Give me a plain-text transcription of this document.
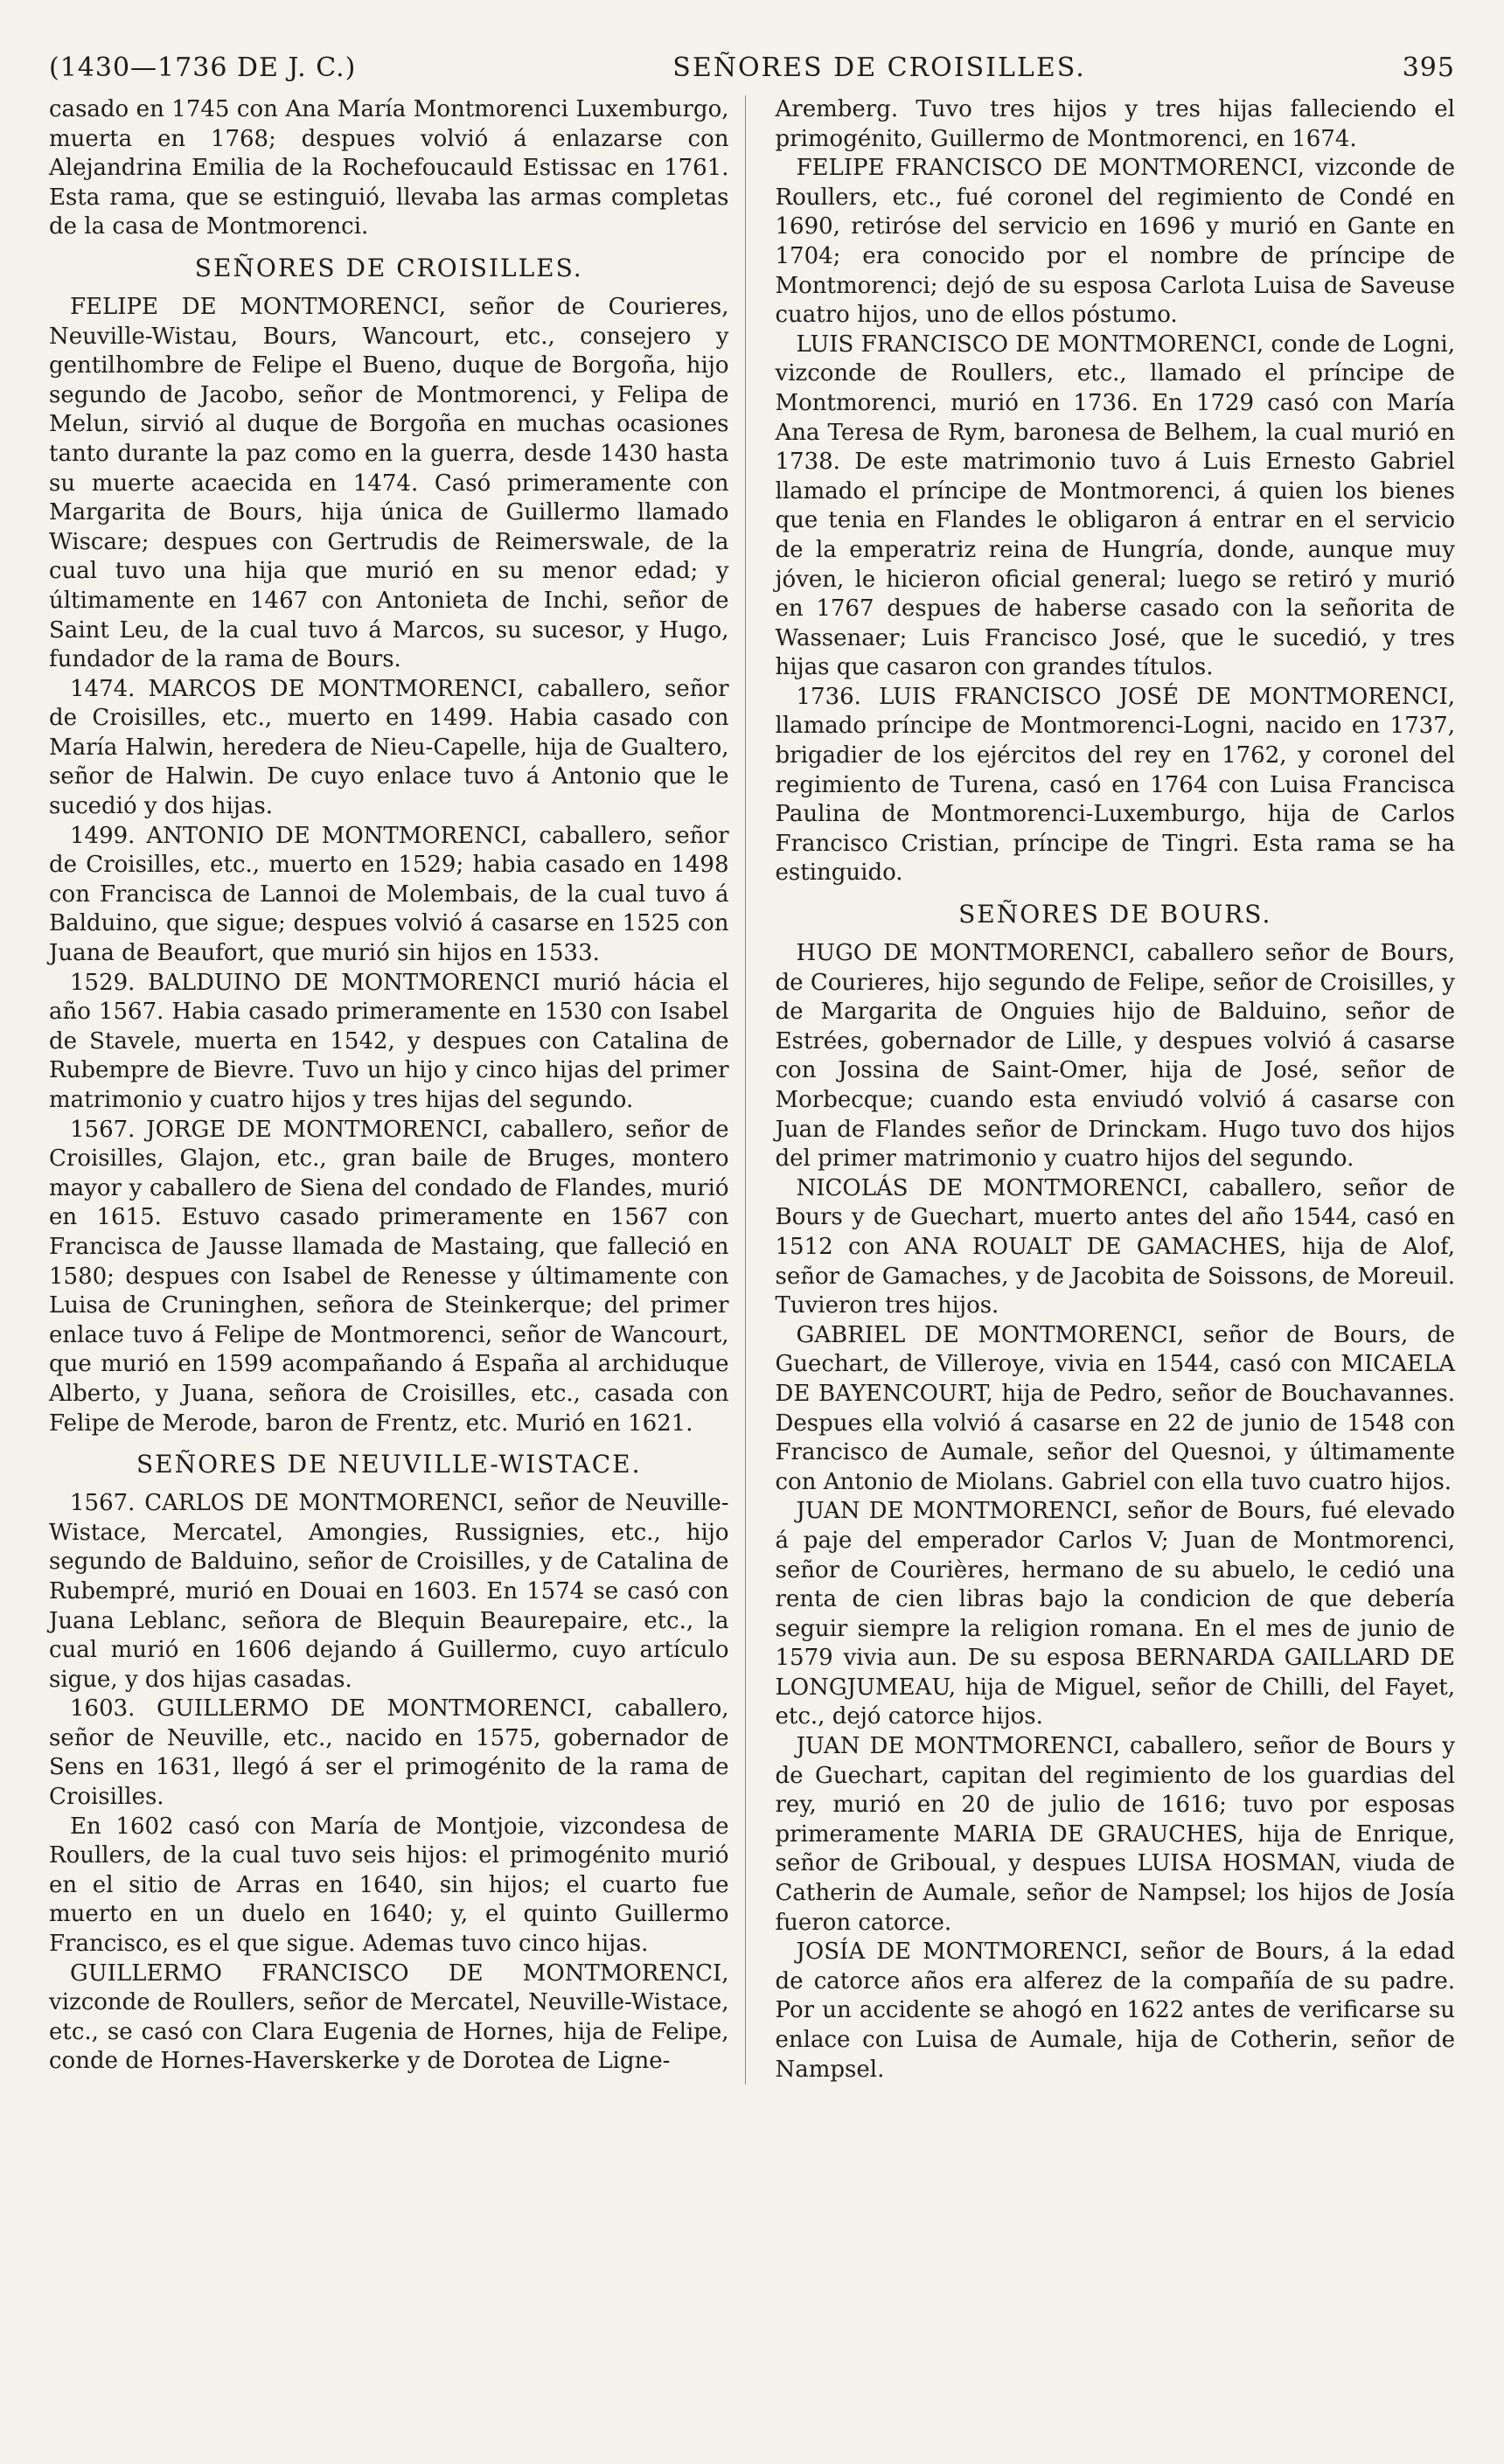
(1430—1736 DE J. C.)	SEÑORES DE CROISILLES.	395

casado en 1745 con Ana María Montmorenci Luxemburgo, muerta en 1768; despues volvió á enlazarse con Alejandrina Emilia de la Rochefoucauld Estissac en 1761. Esta rama, que se estinguió, llevaba las armas completas de la casa de Montmorenci.

SEÑORES DE CROISILLES.

FELIPE DE MONTMORENCI, señor de Courieres, Neuville-Wistau, Bours, Wancourt, etc., consejero y gentilhombre de Felipe el Bueno, duque de Borgoña, hijo segundo de Jacobo, señor de Montmorenci, y Felipa de Melun, sirvió al duque de Borgoña en muchas ocasiones tanto durante la paz como en la guerra, desde 1430 hasta su muerte acaecida en 1474. Casó primeramente con Margarita de Bours, hija única de Guillermo llamado Wiscare; despues con Gertrudis de Reimerswale, de la cual tuvo una hija que murió en su menor edad; y últimamente en 1467 con Antonieta de Inchi, señor de Saint Leu, de la cual tuvo á Marcos, su sucesor, y Hugo, fundador de la rama de Bours.

1474. MARCOS DE MONTMORENCI, caballero, señor de Croisilles, etc., muerto en 1499. Habia casado con María Halwin, heredera de Nieu-Capelle, hija de Gualtero, señor de Halwin. De cuyo enlace tuvo á Antonio que le sucedió y dos hijas.

1499. ANTONIO DE MONTMORENCI, caballero, señor de Croisilles, etc., muerto en 1529; habia casado en 1498 con Francisca de Lannoi de Molembais, de la cual tuvo á Balduino, que sigue; despues volvió á casarse en 1525 con Juana de Beaufort, que murió sin hijos en 1533.

1529. BALDUINO DE MONTMORENCI murió hácia el año 1567. Habia casado primeramente en 1530 con Isabel de Stavele, muerta en 1542, y despues con Catalina de Rubempre de Bievre. Tuvo un hijo y cinco hijas del primer matrimonio y cuatro hijos y tres hijas del segundo.

1567. JORGE DE MONTMORENCI, caballero, señor de Croisilles, Glajon, etc., gran baile de Bruges, montero mayor y caballero de Siena del condado de Flandes, murió en 1615. Estuvo casado primeramente en 1567 con Francisca de Jausse llamada de Mastaing, que falleció en 1580; despues con Isabel de Renesse y últimamente con Luisa de Cruninghen, señora de Steinkerque; del primer enlace tuvo á Felipe de Montmorenci, señor de Wancourt, que murió en 1599 acompañando á España al archiduque Alberto, y Juana, señora de Croisilles, etc., casada con Felipe de Merode, baron de Frentz, etc. Murió en 1621.

SEÑORES DE NEUVILLE-WISTACE.

1567. CARLOS DE MONTMORENCI, señor de Neuville-Wistace, Mercatel, Amongies, Russignies, etc., hijo segundo de Balduino, señor de Croisilles, y de Catalina de Rubempré, murió en Douai en 1603. En 1574 se casó con Juana Leblanc, señora de Blequin Beaurepaire, etc., la cual murió en 1606 dejando á Guillermo, cuyo artículo sigue, y dos hijas casadas.

1603. GUILLERMO DE MONTMORENCI, caballero, señor de Neuville, etc., nacido en 1575, gobernador de Sens en 1631, llegó á ser el primogénito de la rama de Croisilles.

En 1602 casó con María de Montjoie, vizcondesa de Roullers, de la cual tuvo seis hijos: el primogénito murió en el sitio de Arras en 1640, sin hijos; el cuarto fue muerto en un duelo en 1640; y, el quinto Guillermo Francisco, es el que sigue. Ademas tuvo cinco hijas.

GUILLERMO FRANCISCO DE MONTMORENCI, vizconde de Roullers, señor de Mercatel, Neuville-Wistace, etc., se casó con Clara Eugenia de Hornes, hija de Felipe, conde de Hornes-Haverskerke y de Dorotea de Ligne-

Aremberg. Tuvo tres hijos y tres hijas falleciendo el primogénito, Guillermo de Montmorenci, en 1674.

FELIPE FRANCISCO DE MONTMORENCI, vizconde de Roullers, etc., fué coronel del regimiento de Condé en 1690, retiróse del servicio en 1696 y murió en Gante en 1704; era conocido por el nombre de príncipe de Montmorenci; dejó de su esposa Carlota Luisa de Saveuse cuatro hijos, uno de ellos póstumo.

LUIS FRANCISCO DE MONTMORENCI, conde de Logni, vizconde de Roullers, etc., llamado el príncipe de Montmorenci, murió en 1736. En 1729 casó con María Ana Teresa de Rym, baronesa de Belhem, la cual murió en 1738. De este matrimonio tuvo á Luis Ernesto Gabriel llamado el príncipe de Montmorenci, á quien los bienes que tenia en Flandes le obligaron á entrar en el servicio de la emperatriz reina de Hungría, donde, aunque muy jóven, le hicieron oficial general; luego se retiró y murió en 1767 despues de haberse casado con la señorita de Wassenaer; Luis Francisco José, que le sucedió, y tres hijas que casaron con grandes títulos.

1736. LUIS FRANCISCO JOSÉ DE MONTMORENCI, llamado príncipe de Montmorenci-Logni, nacido en 1737, brigadier de los ejércitos del rey en 1762, y coronel del regimiento de Turena, casó en 1764 con Luisa Francisca Paulina de Montmorenci-Luxemburgo, hija de Carlos Francisco Cristian, príncipe de Tingri. Esta rama se ha estinguido.

SEÑORES DE BOURS.

HUGO DE MONTMORENCI, caballero señor de Bours, de Courieres, hijo segundo de Felipe, señor de Croisilles, y de Margarita de Onguies hijo de Balduino, señor de Estrées, gobernador de Lille, y despues volvió á casarse con Jossina de Saint-Omer, hija de José, señor de Morbecque; cuando esta enviudó volvió á casarse con Juan de Flandes señor de Drinckam. Hugo tuvo dos hijos del primer matrimonio y cuatro hijos del segundo.

NICOLÁS DE MONTMORENCI, caballero, señor de Bours y de Guechart, muerto antes del año 1544, casó en 1512 con ANA ROUALT DE GAMACHES, hija de Alof, señor de Gamaches, y de Jacobita de Soissons, de Moreuil. Tuvieron tres hijos.

GABRIEL DE MONTMORENCI, señor de Bours, de Guechart, de Villeroye, vivia en 1544, casó con MICAELA DE BAYENCOURT, hija de Pedro, señor de Bouchavannes. Despues ella volvió á casarse en 22 de junio de 1548 con Francisco de Aumale, señor del Quesnoi, y últimamente con Antonio de Miolans. Gabriel con ella tuvo cuatro hijos.

JUAN DE MONTMORENCI, señor de Bours, fué elevado á paje del emperador Carlos V; Juan de Montmorenci, señor de Courières, hermano de su abuelo, le cedió una renta de cien libras bajo la condicion de que debería seguir siempre la religion romana. En el mes de junio de 1579 vivia aun. De su esposa BERNARDA GAILLARD DE LONGJUMEAU, hija de Miguel, señor de Chilli, del Fayet, etc., dejó catorce hijos.

JUAN DE MONTMORENCI, caballero, señor de Bours y de Guechart, capitan del regimiento de los guardias del rey, murió en 20 de julio de 1616; tuvo por esposas primeramente MARIA DE GRAUCHES, hija de Enrique, señor de Griboual, y despues LUISA HOSMAN, viuda de Catherin de Aumale, señor de Nampsel; los hijos de Josía fueron catorce.

JOSÍA DE MONTMORENCI, señor de Bours, á la edad de catorce años era alferez de la compañía de su padre. Por un accidente se ahogó en 1622 antes de verificarse su enlace con Luisa de Aumale, hija de Cotherin, señor de Nampsel.
